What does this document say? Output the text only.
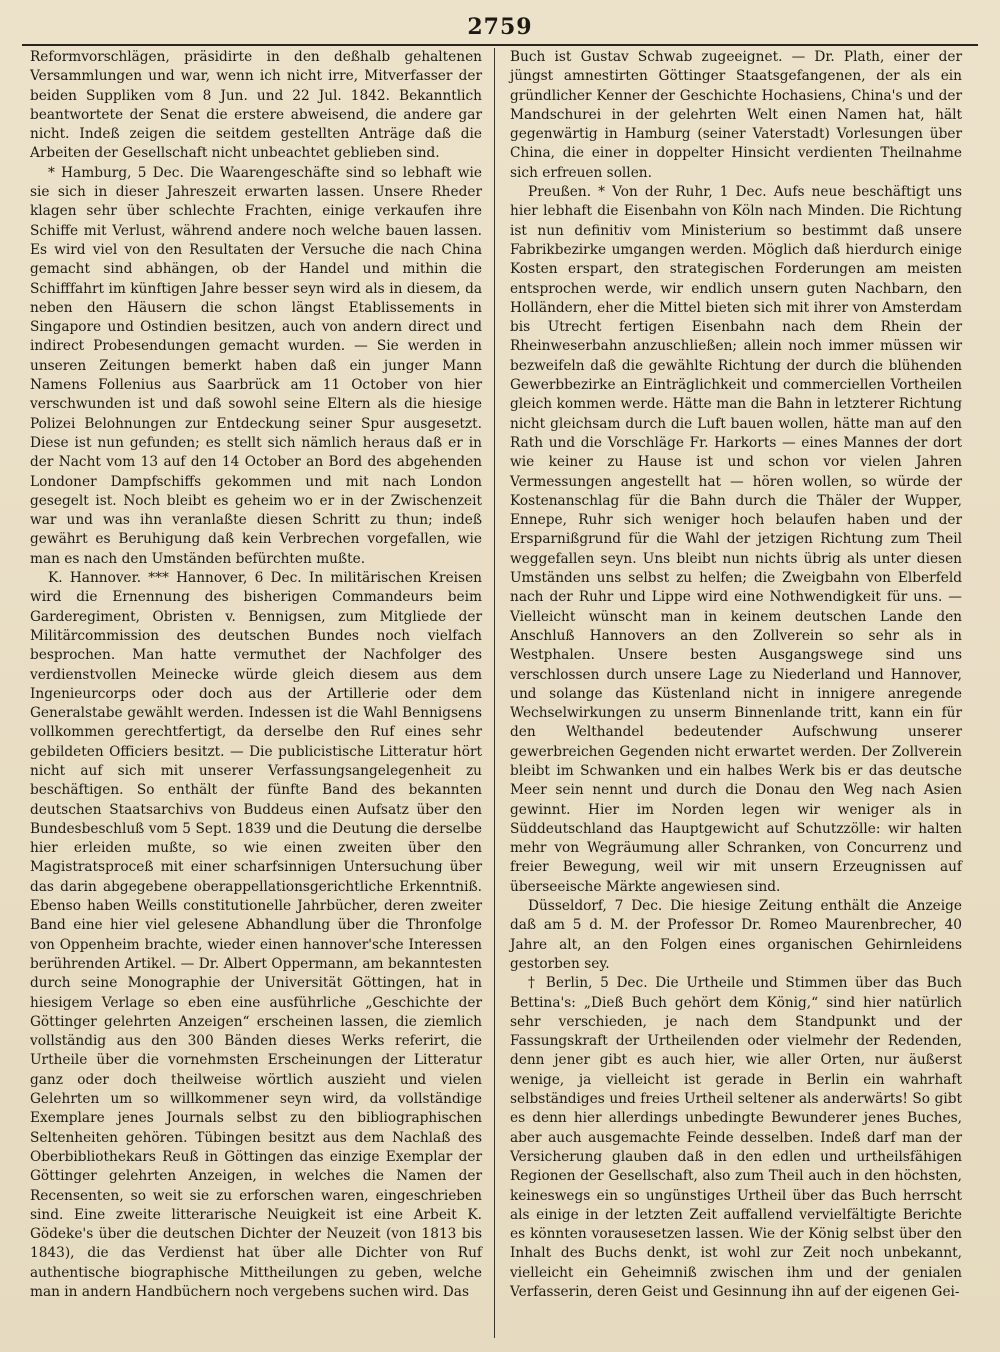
2759

Reformvorschlägen, präsidirte in den deßhalb gehaltenen Versammlungen und war, wenn ich nicht irre, Mitverfasser der beiden Suppliken vom 8 Jun. und 22 Jul. 1842. Bekanntlich beantwortete der Senat die erstere abweisend, die andere gar nicht. Indeß zeigen die seitdem gestellten Anträge daß die Arbeiten der Gesellschaft nicht unbeachtet geblieben sind.

* Hamburg, 5 Dec. Die Waarengeschäfte sind so lebhaft wie sie sich in dieser Jahreszeit erwarten lassen. Unsere Rheder klagen sehr über schlechte Frachten, einige verkaufen ihre Schiffe mit Verlust, während andere noch welche bauen lassen. Es wird viel von den Resultaten der Versuche die nach China gemacht sind abhängen, ob der Handel und mithin die Schifffahrt im künftigen Jahre besser seyn wird als in diesem, da neben den Häusern die schon längst Etablissements in Singapore und Ostindien besitzen, auch von andern direct und indirect Probesendungen gemacht wurden. — Sie werden in unseren Zeitungen bemerkt haben daß ein junger Mann Namens Follenius aus Saarbrück am 11 October von hier verschwunden ist und daß sowohl seine Eltern als die hiesige Polizei Belohnungen zur Entdeckung seiner Spur ausgesetzt. Diese ist nun gefunden; es stellt sich nämlich heraus daß er in der Nacht vom 13 auf den 14 October an Bord des abgehenden Londoner Dampfschiffs gekommen und mit nach London gesegelt ist. Noch bleibt es geheim wo er in der Zwischenzeit war und was ihn veranlaßte diesen Schritt zu thun; indeß gewährt es Beruhigung daß kein Verbrechen vorgefallen, wie man es nach den Umständen befürchten mußte.

K. Hannover. *** Hannover, 6 Dec. In militärischen Kreisen wird die Ernennung des bisherigen Commandeurs beim Garderegiment, Obristen v. Bennigsen, zum Mitgliede der Militärcommission des deutschen Bundes noch vielfach besprochen. Man hatte vermuthet der Nachfolger des verdienstvollen Meinecke würde gleich diesem aus dem Ingenieurcorps oder doch aus der Artillerie oder dem Generalstabe gewählt werden. Indessen ist die Wahl Bennigsens vollkommen gerechtfertigt, da derselbe den Ruf eines sehr gebildeten Officiers besitzt. — Die publicistische Litteratur hört nicht auf sich mit unserer Verfassungsangelegenheit zu beschäftigen. So enthält der fünfte Band des bekannten deutschen Staatsarchivs von Buddeus einen Aufsatz über den Bundesbeschluß vom 5 Sept. 1839 und die Deutung die derselbe hier erleiden mußte, so wie einen zweiten über den Magistratsproceß mit einer scharfsinnigen Untersuchung über das darin abgegebene oberappellationsgerichtliche Erkenntniß. Ebenso haben Weills constitutionelle Jahrbücher, deren zweiter Band eine hier viel gelesene Abhandlung über die Thronfolge von Oppenheim brachte, wieder einen hannover'sche Interessen berührenden Artikel. — Dr. Albert Oppermann, am bekanntesten durch seine Monographie der Universität Göttingen, hat in hiesigem Verlage so eben eine ausführliche „Geschichte der Göttinger gelehrten Anzeigen“ erscheinen lassen, die ziemlich vollständig aus den 300 Bänden dieses Werks referirt, die Urtheile über die vornehmsten Erscheinungen der Litteratur ganz oder doch theilweise wörtlich auszieht und vielen Gelehrten um so willkommener seyn wird, da vollständige Exemplare jenes Journals selbst zu den bibliographischen Seltenheiten gehören. Tübingen besitzt aus dem Nachlaß des Oberbibliothekars Reuß in Göttingen das einzige Exemplar der Göttinger gelehrten Anzeigen, in welches die Namen der Recensenten, so weit sie zu erforschen waren, eingeschrieben sind. Eine zweite litterarische Neuigkeit ist eine Arbeit K. Gödeke's über die deutschen Dichter der Neuzeit (von 1813 bis 1843), die das Verdienst hat über alle Dichter von Ruf authentische biographische Mittheilungen zu geben, welche man in andern Handbüchern noch vergebens suchen wird. Das

Buch ist Gustav Schwab zugeeignet. — Dr. Plath, einer der jüngst amnestirten Göttinger Staatsgefangenen, der als ein gründlicher Kenner der Geschichte Hochasiens, China's und der Mandschurei in der gelehrten Welt einen Namen hat, hält gegenwärtig in Hamburg (seiner Vaterstadt) Vorlesungen über China, die einer in doppelter Hinsicht verdienten Theilnahme sich erfreuen sollen.

Preußen. * Von der Ruhr, 1 Dec. Aufs neue beschäftigt uns hier lebhaft die Eisenbahn von Köln nach Minden. Die Richtung ist nun definitiv vom Ministerium so bestimmt daß unsere Fabrikbezirke umgangen werden. Möglich daß hierdurch einige Kosten erspart, den strategischen Forderungen am meisten entsprochen werde, wir endlich unsern guten Nachbarn, den Holländern, eher die Mittel bieten sich mit ihrer von Amsterdam bis Utrecht fertigen Eisenbahn nach dem Rhein der Rheinweserbahn anzuschließen; allein noch immer müssen wir bezweifeln daß die gewählte Richtung der durch die blühenden Gewerbbezirke an Einträglichkeit und commerciellen Vortheilen gleich kommen werde. Hätte man die Bahn in letzterer Richtung nicht gleichsam durch die Luft bauen wollen, hätte man auf den Rath und die Vorschläge Fr. Harkorts — eines Mannes der dort wie keiner zu Hause ist und schon vor vielen Jahren Vermessungen angestellt hat — hören wollen, so würde der Kostenanschlag für die Bahn durch die Thäler der Wupper, Ennepe, Ruhr sich weniger hoch belaufen haben und der Ersparnißgrund für die Wahl der jetzigen Richtung zum Theil weggefallen seyn. Uns bleibt nun nichts übrig als unter diesen Umständen uns selbst zu helfen; die Zweigbahn von Elberfeld nach der Ruhr und Lippe wird eine Nothwendigkeit für uns. — Vielleicht wünscht man in keinem deutschen Lande den Anschluß Hannovers an den Zollverein so sehr als in Westphalen. Unsere besten Ausgangswege sind uns verschlossen durch unsere Lage zu Niederland und Hannover, und solange das Küstenland nicht in innigere anregende Wechselwirkungen zu unserm Binnenlande tritt, kann ein für den Welthandel bedeutender Aufschwung unserer gewerbreichen Gegenden nicht erwartet werden. Der Zollverein bleibt im Schwanken und ein halbes Werk bis er das deutsche Meer sein nennt und durch die Donau den Weg nach Asien gewinnt. Hier im Norden legen wir weniger als in Süddeutschland das Hauptgewicht auf Schutzzölle: wir halten mehr von Wegräumung aller Schranken, von Concurrenz und freier Bewegung, weil wir mit unsern Erzeugnissen auf überseeische Märkte angewiesen sind.

Düsseldorf, 7 Dec. Die hiesige Zeitung enthält die Anzeige daß am 5 d. M. der Professor Dr. Romeo Maurenbrecher, 40 Jahre alt, an den Folgen eines organischen Gehirnleidens gestorben sey.

† Berlin, 5 Dec. Die Urtheile und Stimmen über das Buch Bettina's: „Dieß Buch gehört dem König,“ sind hier natürlich sehr verschieden, je nach dem Standpunkt und der Fassungskraft der Urtheilenden oder vielmehr der Redenden, denn jener gibt es auch hier, wie aller Orten, nur äußerst wenige, ja vielleicht ist gerade in Berlin ein wahrhaft selbständiges und freies Urtheil seltener als anderwärts! So gibt es denn hier allerdings unbedingte Bewunderer jenes Buches, aber auch ausgemachte Feinde desselben. Indeß darf man der Versicherung glauben daß in den edlen und urtheilsfähigen Regionen der Gesellschaft, also zum Theil auch in den höchsten, keineswegs ein so ungünstiges Urtheil über das Buch herrscht als einige in der letzten Zeit auffallend vervielfältigte Berichte es könnten vorausesetzen lassen. Wie der König selbst über den Inhalt des Buchs denkt, ist wohl zur Zeit noch unbekannt, vielleicht ein Geheimniß zwischen ihm und der genialen Verfasserin, deren Geist und Gesinnung ihn auf der eigenen Gei-
